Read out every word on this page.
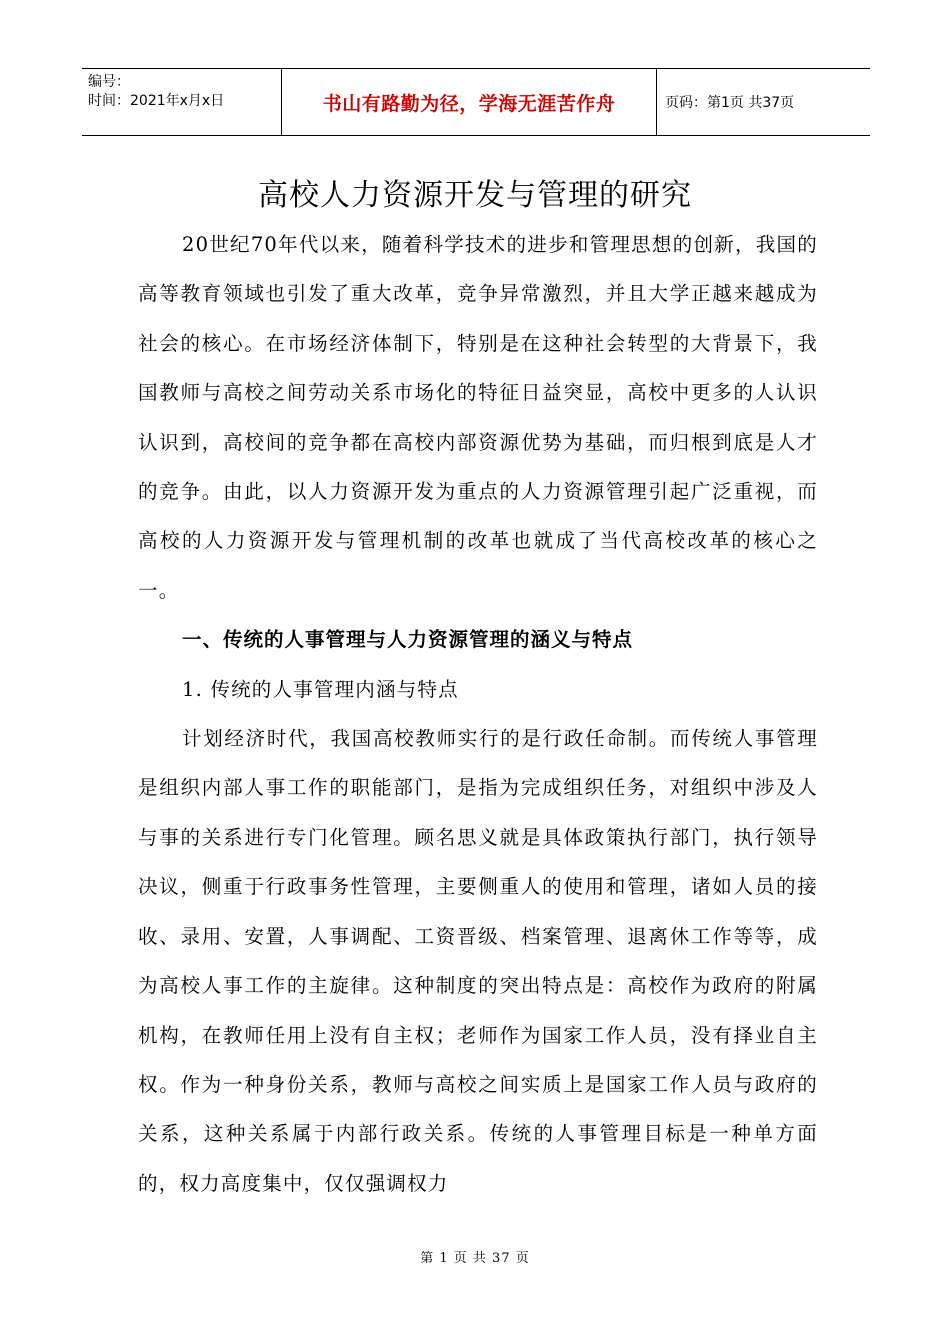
编号：
时间：2021年x月x日	书山有路勤为径，学海无涯苦作舟	页码：第1页 共37页
高校人力资源开发与管理的研究

20世纪70年代以来，随着科学技术的进步和管理思想的创新，我国的高等教育领域也引发了重大改革，竞争异常激烈，并且大学正越来越成为社会的核心。在市场经济体制下，特别是在这种社会转型的大背景下，我国教师与高校之间劳动关系市场化的特征日益突显，高校中更多的人认识认识到，高校间的竞争都在高校内部资源优势为基础，而归根到底是人才的竞争。由此，以人力资源开发为重点的人力资源管理引起广泛重视，而高校的人力资源开发与管理机制的改革也就成了当代高校改革的核心之一。

一、传统的人事管理与人力资源管理的涵义与特点

1. 传统的人事管理内涵与特点

计划经济时代，我国高校教师实行的是行政任命制。而传统人事管理是组织内部人事工作的职能部门，是指为完成组织任务，对组织中涉及人与事的关系进行专门化管理。顾名思义就是具体政策执行部门，执行领导决议，侧重于行政事务性管理，主要侧重人的使用和管理，诸如人员的接收、录用、安置，人事调配、工资晋级、档案管理、退离休工作等等，成为高校人事工作的主旋律。这种制度的突出特点是：高校作为政府的附属机构，在教师任用上没有自主权；老师作为国家工作人员，没有择业自主权。作为一种身份关系，教师与高校之间实质上是国家工作人员与政府的关系，这种关系属于内部行政关系。传统的人事管理目标是一种单方面的，权力高度集中，仅仅强调权力

第 1 页 共 37 页
